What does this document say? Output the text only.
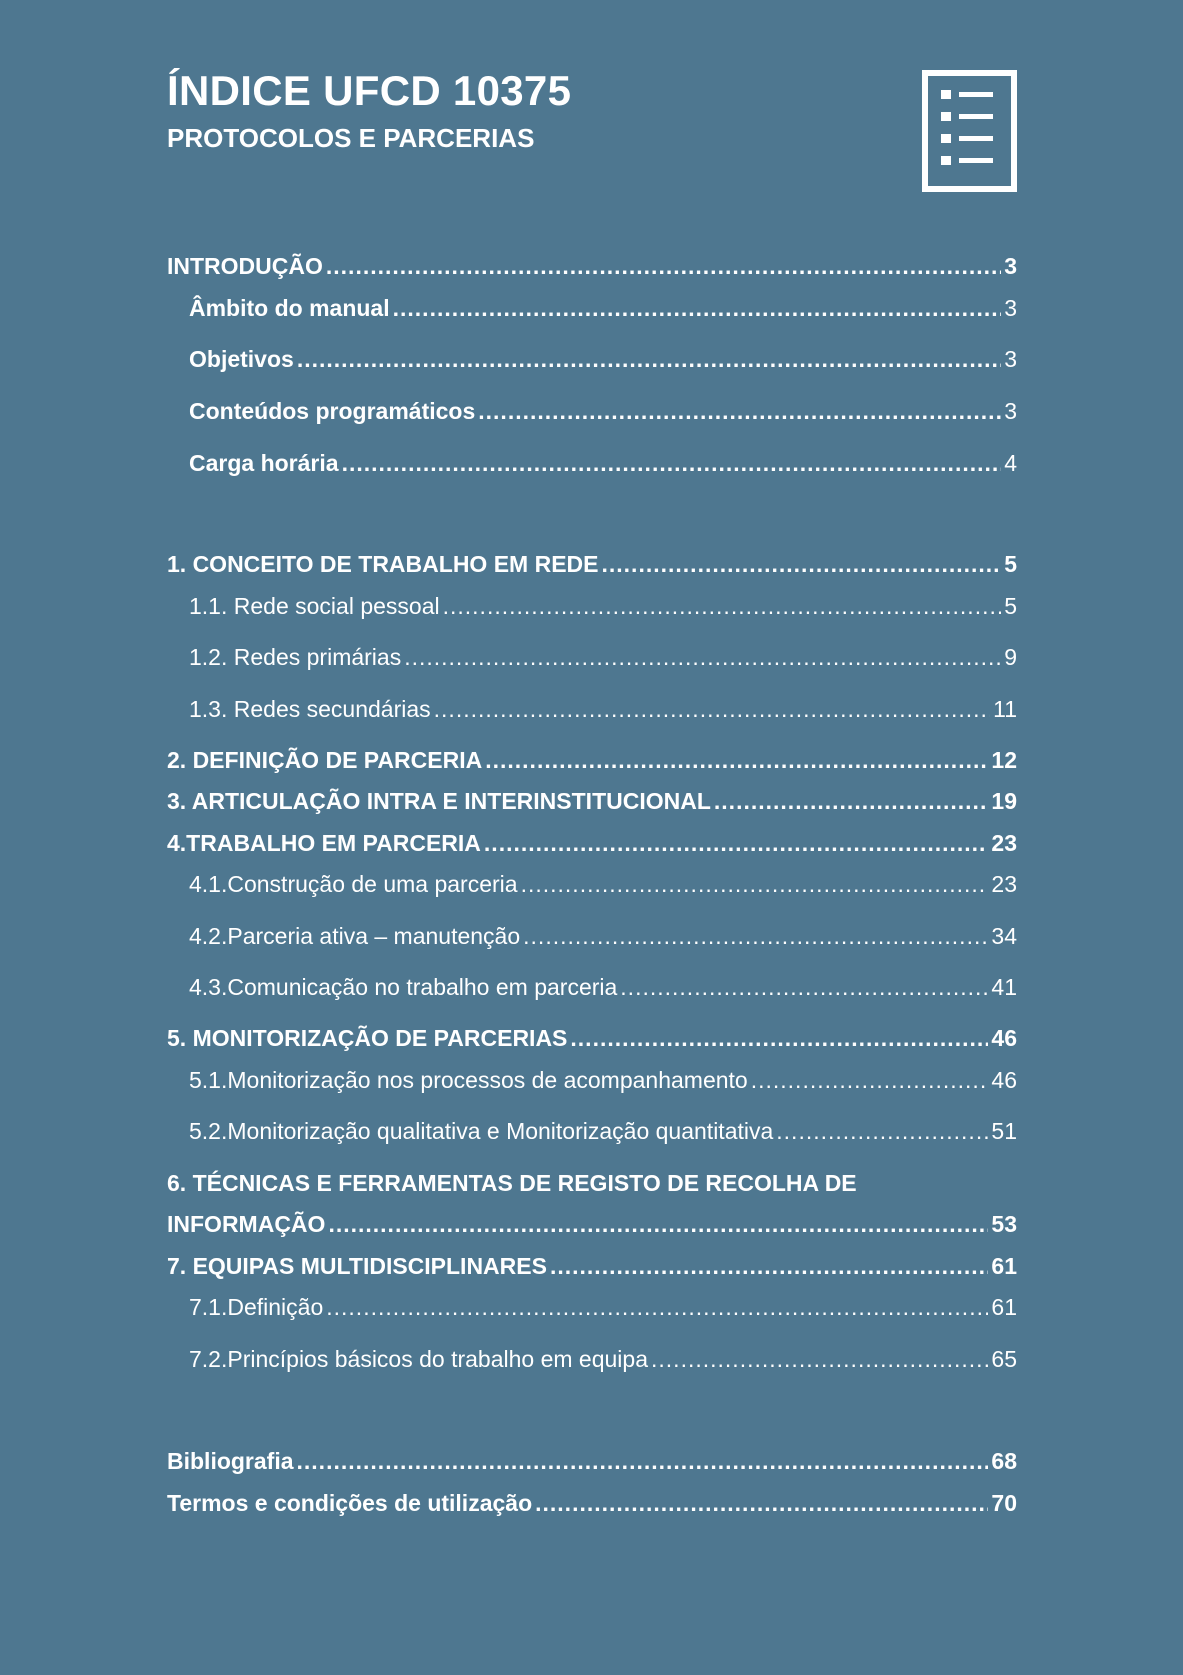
ÍNDICE UFCD 10375
PROTOCOLOS E PARCERIAS
INTRODUÇÃO .....	3
Âmbito do manual .....	3
Objetivos .....	3
Conteúdos programáticos .....	3
Carga horária .....	4
1. CONCEITO DE TRABALHO EM REDE .....	5
1.1. Rede social pessoal .....	5
1.2. Redes primárias .....	9
1.3. Redes secundárias .....	11
2. DEFINIÇÃO DE PARCERIA .....	12
3. ARTICULAÇÃO INTRA E INTERINSTITUCIONAL .....	19
4.TRABALHO EM PARCERIA .....	23
4.1.Construção de uma parceria .....	23
4.2.Parceria ativa – manutenção .....	34
4.3.Comunicação no trabalho em parceria .....	41
5. MONITORIZAÇÃO DE PARCERIAS .....	46
5.1.Monitorização nos processos de acompanhamento .....	46
5.2.Monitorização qualitativa e Monitorização quantitativa .....	51
6. TÉCNICAS E FERRAMENTAS DE REGISTO DE RECOLHA DE
INFORMAÇÃO .....	53
7. EQUIPAS MULTIDISCIPLINARES .....	61
7.1.Definição .....	61
7.2.Princípios básicos do trabalho em equipa .....	65
Bibliografia .....	68
Termos e condições de utilização .....	70
